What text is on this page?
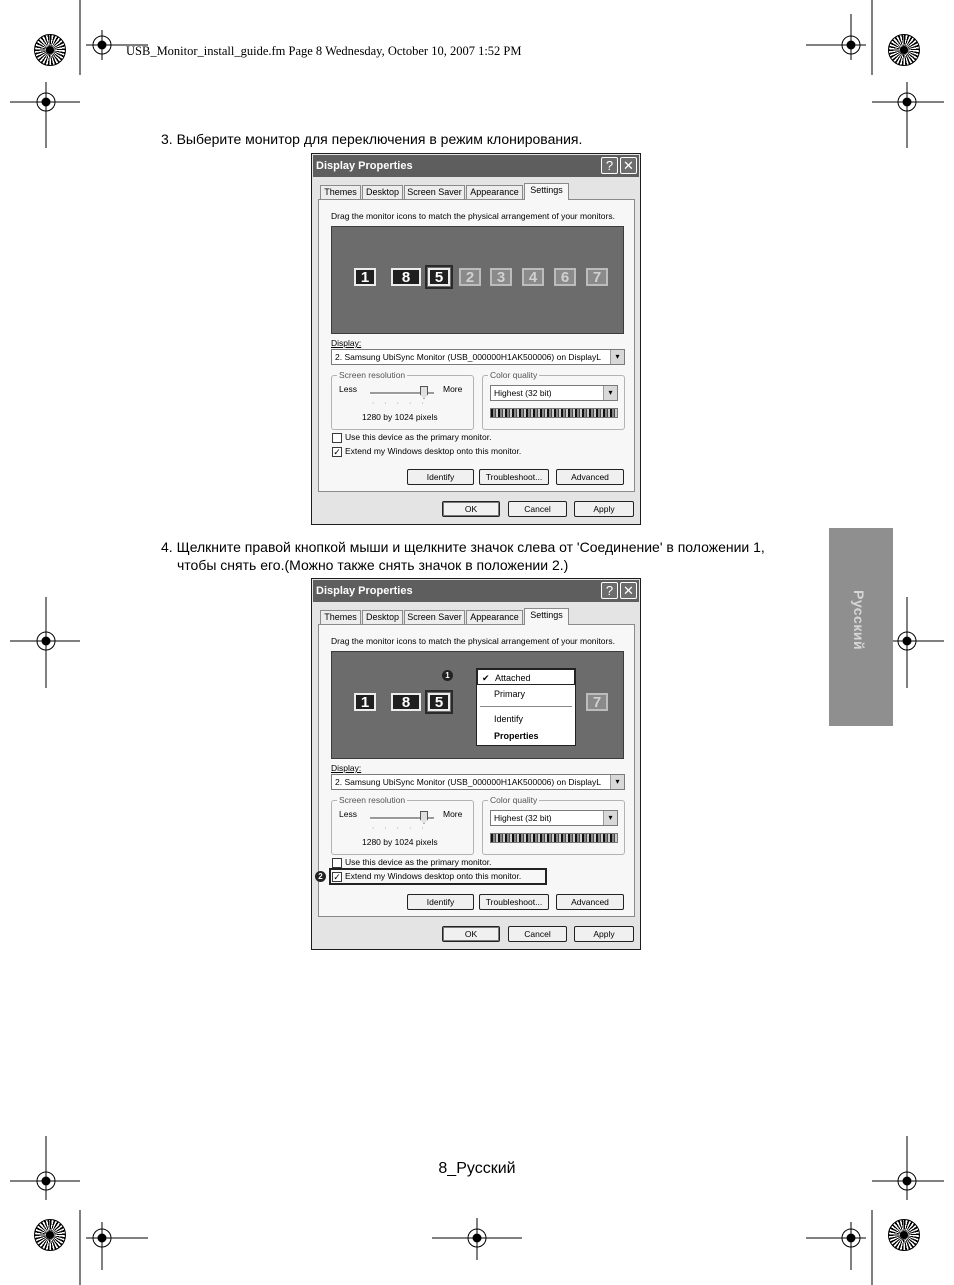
USB_Monitor_install_guide.fm Page 8 Wednesday, October 10, 2007 1:52 PM
3. Выберите монитор для переключения в режим клонирования.
Display Properties	? ✕
Themes	Desktop Screen Saver Appearance	Settings
Drag the monitor icons to match the physical arrangement of your monitors.
1	8	5	2	3	4	6	7
Display:
2. Samsung UbiSync Monitor (USB_000000H1AK500006) on DisplayL	▾
Screen resolution
Less	More
·····
1280 by 1024 pixels
Color quality
Highest (32 bit)	▾
Use this device as the primary monitor.
✓ Extend my Windows desktop onto this monitor.
Identify	Troubleshoot...	Advanced
OK	Cancel	Apply
4. Щелкните правой кнопкой мыши и щелкните значок слева от 'Соединение' в положении 1,
чтобы снять его.(Можно также снять значок в положении 2.)
Русский
Display Properties	? ✕
Themes	Desktop Screen Saver Appearance	Settings
Drag the monitor icons to match the physical arrangement of your monitors.
1	8	5	7
1	✔ Attached
Primary
Identify
Properties
Display:
2. Samsung UbiSync Monitor (USB_000000H1AK500006) on DisplayL	▾
Screen resolution
Less	More
·····
1280 by 1024 pixels
Color quality
Highest (32 bit)	▾
Use this device as the primary monitor.
2	✓ Extend my Windows desktop onto this monitor.
Identify	Troubleshoot...	Advanced
OK	Cancel	Apply
8_Русский
